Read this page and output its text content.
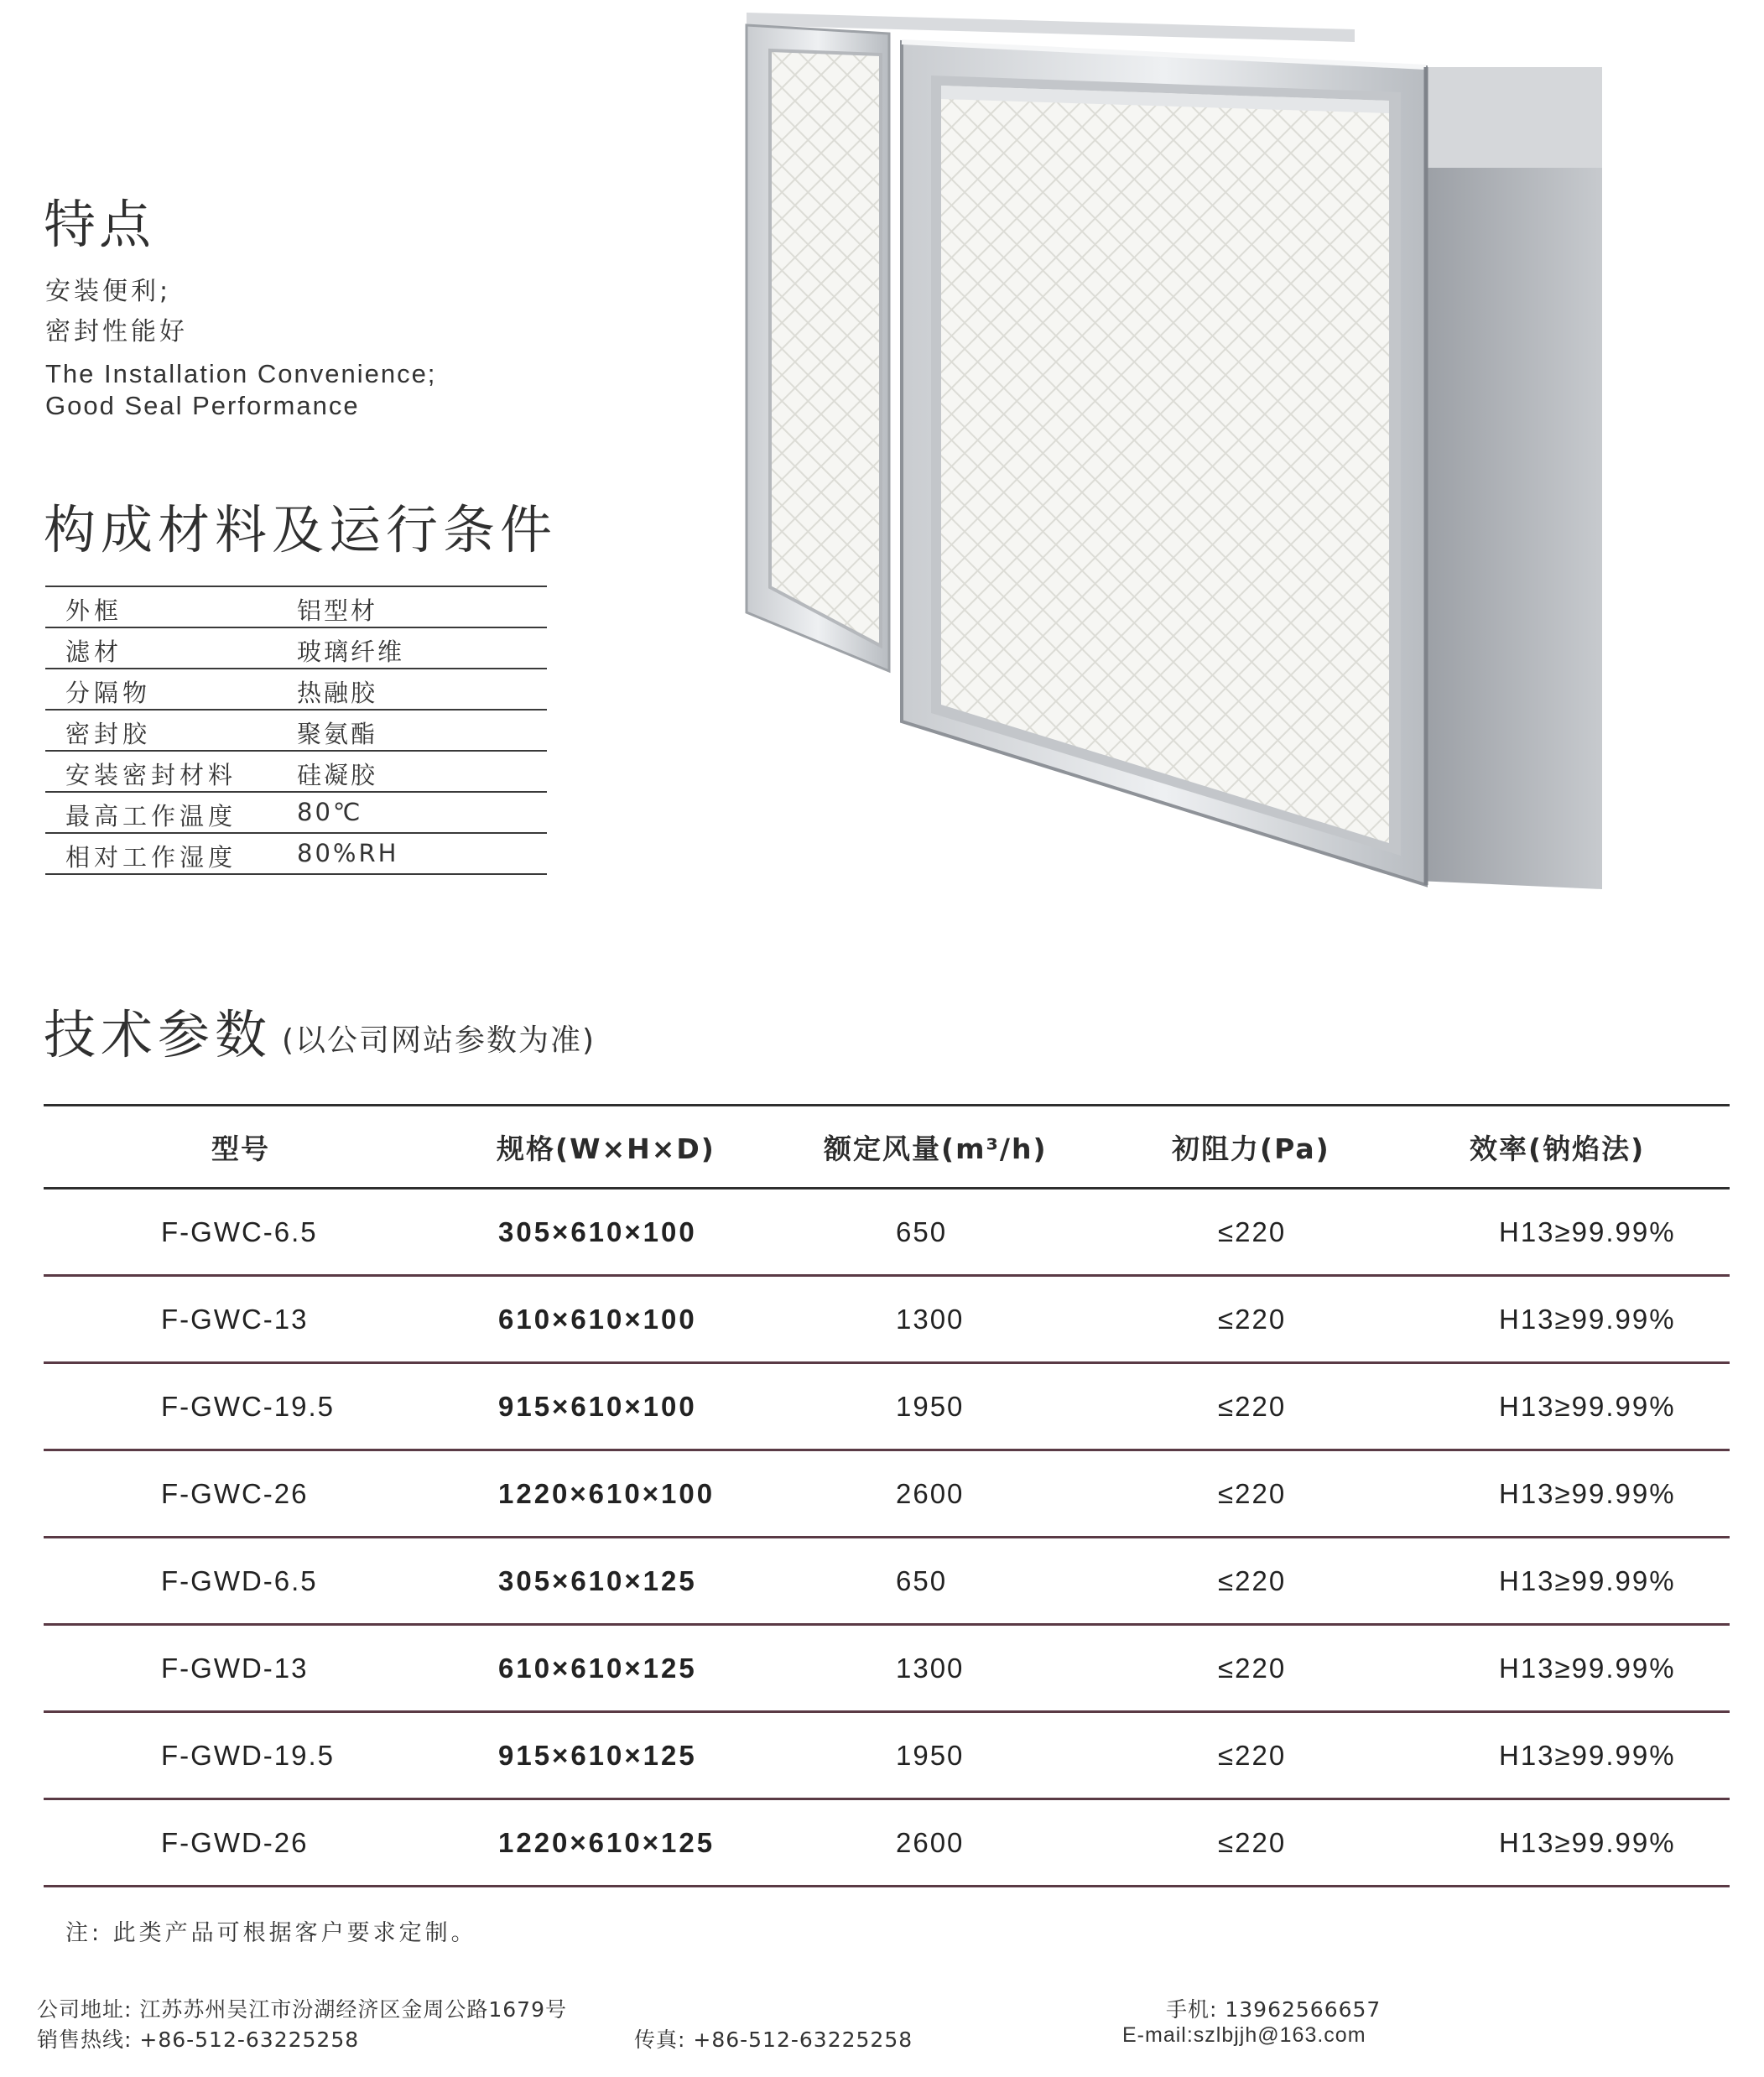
特点
安装便利;
密封性能好
The Installation Convenience;
Good Seal Performance
构成材料及运行条件
外框	铝型材
滤材	玻璃纤维
分隔物	热融胶
密封胶	聚氨酯
安装密封材料 硅凝胶
最高工作温度 80℃
相对工作湿度 80%RH
技术参数 (以公司网站参数为准)
型号	规格(W×H×D)	额定风量(m³/h)	初阻力(Pa)	效率(钠焰法)
F-GWC-6.5	305×610×100	650	≤220	H13≥99.99%
F-GWC-13	610×610×100	1300	≤220	H13≥99.99%
F-GWC-19.5	915×610×100	1950	≤220	H13≥99.99%
F-GWC-26	1220×610×100	2600	≤220	H13≥99.99%
F-GWD-6.5	305×610×125	650	≤220	H13≥99.99%
F-GWD-13	610×610×125	1300	≤220	H13≥99.99%
F-GWD-19.5	915×610×125	1950	≤220	H13≥99.99%
F-GWD-26	1220×610×125	2600	≤220	H13≥99.99%
注: 此类产品可根据客户要求定制。
公司地址: 江苏苏州吴江市汾湖经济区金周公路1679号
销售热线: +86-512-63225258	传真: +86-512-63225258
手机: 13962566657
E-mail:szlbjjh@163.com
